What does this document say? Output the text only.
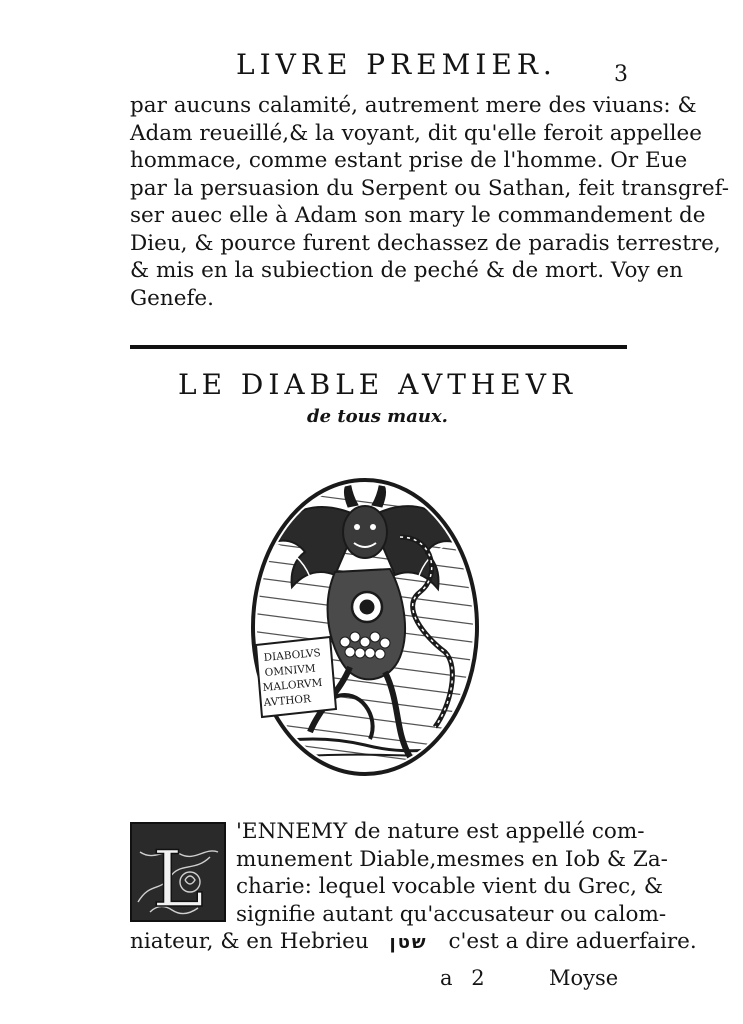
LIVRE PREMIER.	3
par aucuns calamité, autrement mere des viuans: &
Adam reueillé,& la voyant, dit qu'elle feroit appellee
hommace, comme estant prise de l'homme. Or Eue
par la persuasion du Serpent ou Sathan, feit transgref-
ser auec elle à Adam son mary le commandement de
Dieu, & pource furent dechassez de paradis terrestre,
& mis en la subiection de peché & de mort. Voy en
Genefe.
LE DIABLE AVTHEVR
de tous maux.
DIABOLVS
OMNIVM
MALORVM
AVTHOR
L
'ENNEMY de nature est appellé com-
munement Diable,mesmes en Iob & Za-
charie: lequel vocable vient du Grec, &
signifie autant qu'accusateur ou calom-
niateur, & en Hebrieu שטן c'est a dire aduerfaire.
a 2	Moyse
